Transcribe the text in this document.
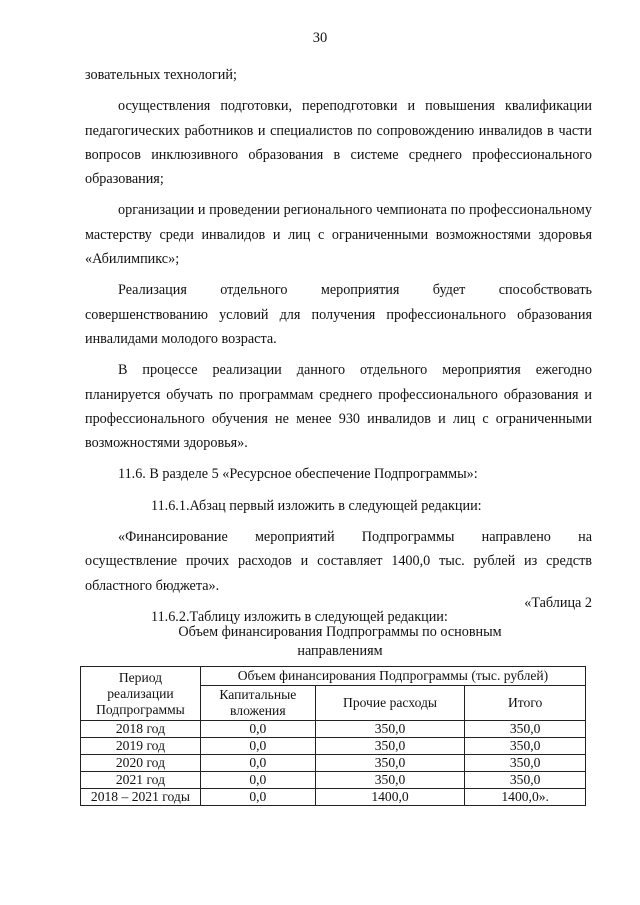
30

зовательных технологий;

осуществления подготовки, переподготовки и повышения квалификации педагогических работников и специалистов по сопровождению инвалидов в части вопросов инклюзивного образования в системе среднего профессионального образования;

организации и проведении регионального чемпионата по профессиональному мастерству среди инвалидов и лиц с ограниченными возможностями здоровья «Абилимпикс»;

Реализация отдельного мероприятия будет способствовать совершенствованию условий для получения профессионального образования инвалидами молодого возраста.

В процессе реализации данного отдельного мероприятия ежегодно планируется обучать по программам среднего профессионального образования и профессионального обучения не менее 930 инвалидов и лиц с ограниченными возможностями здоровья».

11.6. В разделе 5 «Ресурсное обеспечение Подпрограммы»:

11.6.1.Абзац первый изложить в следующей редакции:

«Финансирование мероприятий Подпрограммы направлено на осуществление прочих расходов и составляет 1400,0 тыс. рублей из средств областного бюджета».

11.6.2.Таблицу изложить в следующей редакции:

«Таблица 2
Объем финансирования Подпрограммы по основным направлениям
Период реализации Подпрограммы	Объем финансирования Подпрограммы (тыс. рублей)		
	Капитальные вложения	Прочие расходы	Итого
2018 год	0,0	350,0	350,0
2019 год	0,0	350,0	350,0
2020 год	0,0	350,0	350,0
2021 год	0,0	350,0	350,0
2018 – 2021 годы	0,0	1400,0	1400,0».
